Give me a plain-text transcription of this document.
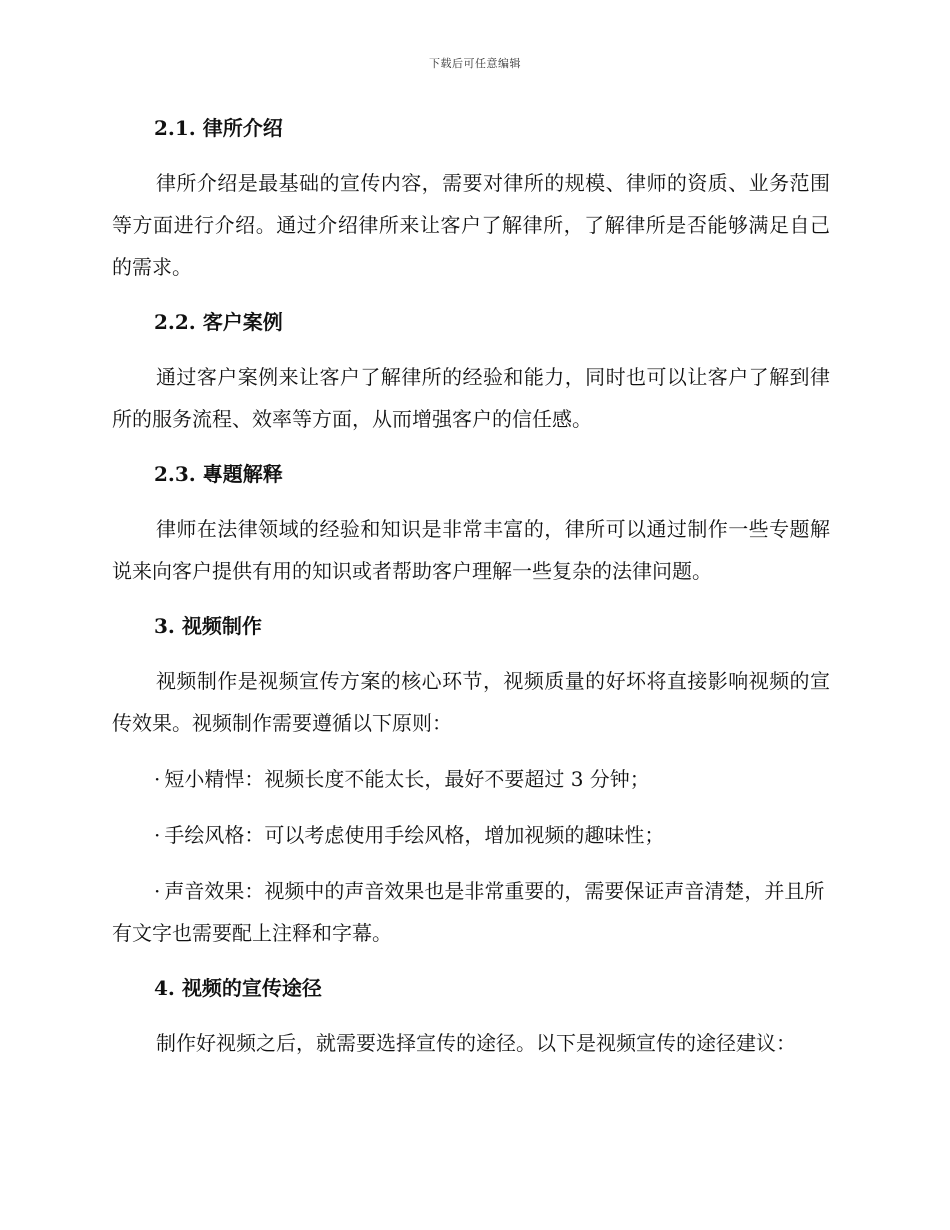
下载后可任意编辑
2.1. 律所介绍

律所介绍是最基础的宣传内容，需要对律所的规模、律师的资质、业务范围等方面进行介绍。通过介绍律所来让客户了解律所，了解律所是否能够满足自己的需求。

2.2. 客户案例

通过客户案例来让客户了解律所的经验和能力，同时也可以让客户了解到律所的服务流程、效率等方面，从而增强客户的信任感。

2.3. 專題解释

律师在法律领域的经验和知识是非常丰富的，律所可以通过制作一些专题解说来向客户提供有用的知识或者帮助客户理解一些复杂的法律问题。

3. 视频制作

视频制作是视频宣传方案的核心环节，视频质量的好坏将直接影响视频的宣传效果。视频制作需要遵循以下原则：

· 短小精悍：视频长度不能太长，最好不要超过 3 分钟；

· 手绘风格：可以考虑使用手绘风格，增加视频的趣味性；

· 声音效果：视频中的声音效果也是非常重要的，需要保证声音清楚，并且所有文字也需要配上注释和字幕。

4. 视频的宣传途径

制作好视频之后，就需要选择宣传的途径。以下是视频宣传的途径建议：
